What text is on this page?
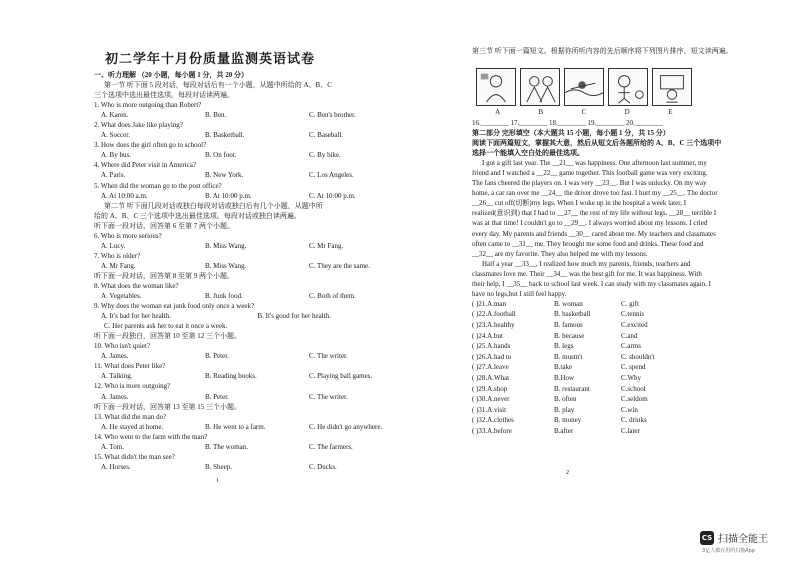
初二学年十月份质量监测英语试卷
一、听力理解 （20 小题，每小题 1 分，共 20 分）
第一节 听下面 5 段对话，每段对话后有一个小题，从题中所给的 A、B、C
三个选项中选出最佳选项。每段对话读两遍。
1. Who is more outgoing than Robert?
A. Karen.	B. Ben.	C. Ben's brother.
2. What does Jake like playing?
A. Soccer.	B. Basketball.	C. Baseball.
3. How does the girl often go to school?
A. By bus.	B. On foot.	C. By bike.
4. Where did Peter visit in America?
A. Paris.	B. New York.	C. Los Angeles.
5. When did the woman go to the post office?
A. At 10:00 a.m.	B. At 10:00 p.m.	C. At 10:00 p.m.
第二节 听下面几段对话或独白每段对话或独白后有几个小题，从题中所
给的 A、B、C 三个选项中选出最佳选项。每段对话或独白读两遍。
听下面一段对话，回答第 6 至第 7 两个小题。
6. Who is more serious?
A. Lucy.	B. Miss Wang.	C. Mr Fang.
7. Who is older?
A. Mr Fang.	B. Miss Wang.	C. They are the same.
听下面一段对话，回答第 8 至第 9 两个小题。
8. What does the woman like?
A. Vegetables.	B. Junk food.	C. Both of them.
9. Why does the woman eat junk food only once a week?
A. It's bad for her health.	B. It's good for her health.
C. Her parents ask her to eat it once a week.
听下面一段独白，回答第 10 至第 12 三个小题。
10. Who isn't quiet?
A. James.	B. Peter.	C. The writer.
11. What does Peter like?
A. Talking.	B. Reading books.	C. Playing ball games.
12. Who is more outgoing?
A. James.	B. Peter.	C. The writer.
听下面一段对话，回答第 13 至第 15 三个小题。
13. What did the man do?
A. He stayed at home.	B. He went to a farm.	C. He didn't go anywhere.
14. Who went to the farm with the man?
A. Tom.	B. The woman.	C. The farmers.
15. What didn't the man see?
A. Horses.	B. Sheep.	C. Ducks.
1
第三节 听下面一篇短文。根据你所听内容的先后顺序将下列图片排序，短文读两遍。
A	B	C	D	E
16.________ 17.________ 18.________ 19.________ 20.________
第二部分 完形填空（本大题共 15 小题，每小题 1 分，共 15 分）
阅读下面两篇短文，掌握其大意，然后从短文后各题所给的 A、B、C 三个选项中
选择一个能填入空白处的最佳选项。
I got a gift last year. The __21__ was happiness. One afternoon last summer, my
friend and I watched a __22__ game together. This football game was very exciting.
The fans cheered the players on. I was very __23__. But I was unlucky. On my way
home, a car ran over me __24__ the driver drove too fast. I hurt my __25__. The doctor
__26__ cut off(切断)my legs. When I woke up in the hospital a week later, I
realized(意识到) that I had to __27__ the rest of my life without legs. __28__ terrible I
was at that time! I couldn't go to __29__. I always worried about my lessons. I cried
every day. My parents and friends __30__ cared about me. My teachers and classmates
often came to __31__ me. They brought me some food and drinks. These food and
__32__ are my favorite. They also helped me with my lessons.
Half a year __33__, I realized how much my parents, friends, teachers and
classmates love me. Their __34__ was the best gift for me. It was happiness. With
their help, I __35__ back to school last week. I can study with my classmates again. I
have no legs,but I still feel happy.
( )21.A.man	B. woman	C. gift
( )22.A.football	B. basketball	C.tennis
( )23.A.healthy	B. famous	C.excited
( )24.A.but	B. because	C.and
( )25.A.hands	B. legs	C.arms
( )26.A.had to	B. mustn't	C. shouldn't
( )27.A.leave	B.take	C. spend
( )28.A.What	B.How	C.Why
( )29.A.shop	B. restaurant	C.school
( )30.A.never	B. often	C.seldom
( )31.A.visit	B. play	C.win
( )32.A.clothes	B. money	C. drinks
( )33.A.before	B.after	C.later
2
CS 扫描全能王
3亿人都在用的扫描App
